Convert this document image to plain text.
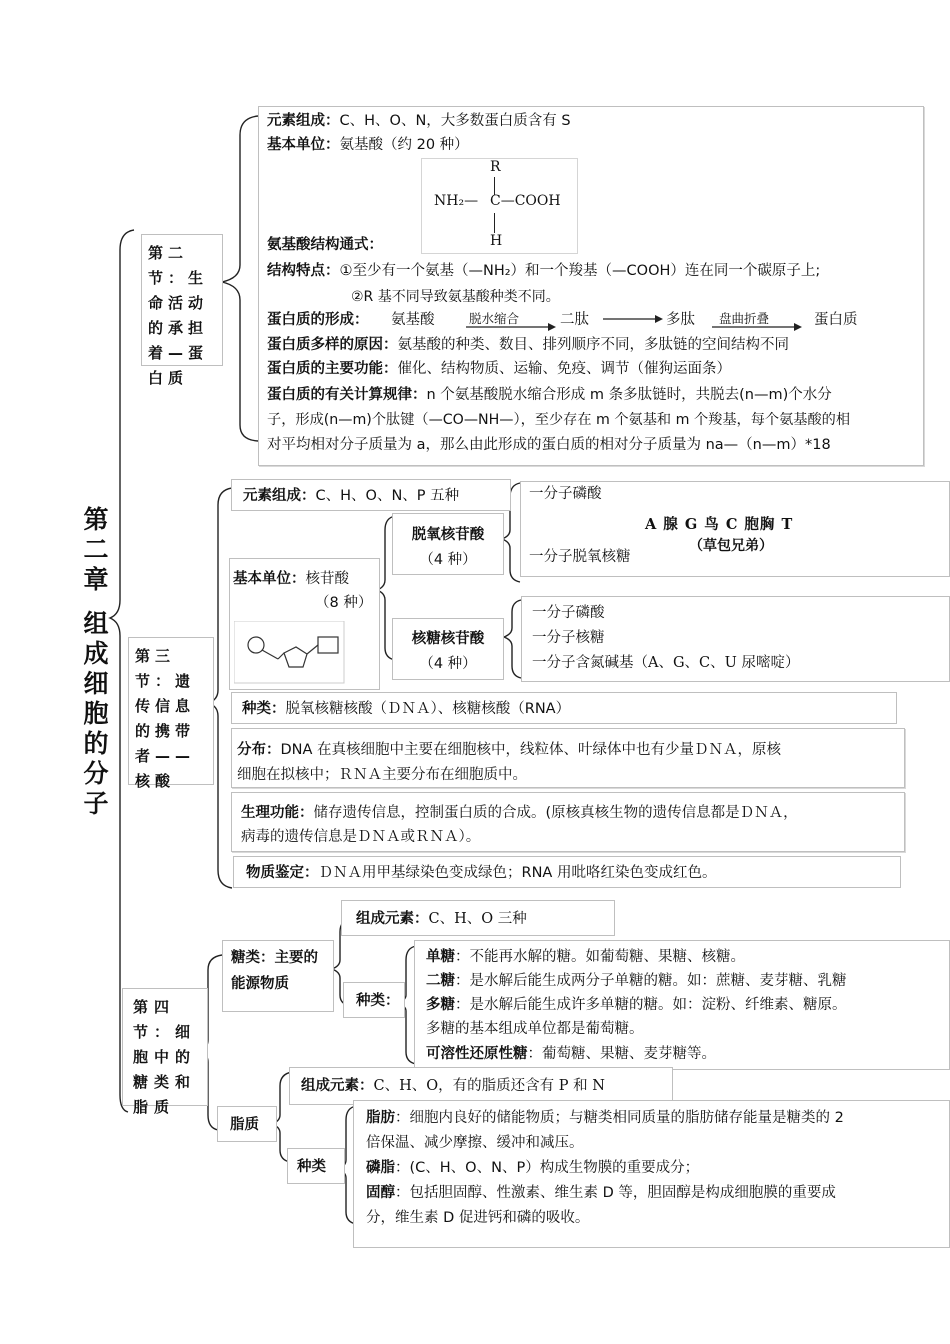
第
二
章
组
成
细
胞
的
分
子
第二节：生命活动的承担着—蛋白质
元素组成：C、H、O、N，大多数蛋白质含有 S
基本单位：氨基酸（约 20 种）
R
NH₂— C—COOH
H
氨基酸结构通式：
结构特点：①至少有一个氨基（—NH₂）和一个羧基（—COOH）连在同一个碳原子上;
②R 基不同导致氨基酸种类不同。
蛋白质的形成： 氨基酸	脱水缩合	二肽	多肽 盘曲折叠	蛋白质
蛋白质多样的原因：氨基酸的种类、数目、排列顺序不同，多肽链的空间结构不同
蛋白质的主要功能：催化、结构物质、运输、免疫、调节（催狗运面条）
蛋白质的有关计算规律：n 个氨基酸脱水缩合形成 m 条多肽链时，共脱去(n—m)个水分
子，形成(n—m)个肽键（—CO—NH—），至少存在 m 个氨基和 m 个羧基，每个氨基酸的相
对平均相对分子质量为 a，那么由此形成的蛋白质的相对分子质量为 na—（n—m）*18
第三节：遗传信息的携带者——核酸
元素组成：C、H、O、N、P 五种
基本单位：核苷酸
（8 种）
脱氧核苷酸
（4 种）
一分子磷酸
一分子脱氧核糖
A 腺 G 鸟 C 胞胸 T
（草包兄弟）
核糖核苷酸
（4 种）
一分子磷酸
一分子核糖
一分子含氮碱基（A、G、C、U 尿嘧啶）
种类：脱氧核糖核酸（ＤＮＡ）、核糖核酸（RNA）
分布：DNA 在真核细胞中主要在细胞核中，线粒体、叶绿体中也有少量ＤＮＡ，原核
细胞在拟核中；ＲＮＡ主要分布在细胞质中。
生理功能：储存遗传信息，控制蛋白质的合成。(原核真核生物的遗传信息都是ＤＮＡ，
病毒的遗传信息是ＤＮＡ或ＲＮＡ）。
物质鉴定：ＤＮＡ用甲基绿染色变成绿色；RNA 用吡咯红染色变成红色。
第四节：细胞中的糖类和脂质
糖类：主要的能源物质
组成元素：C、H、O 三种
种类：
单糖：不能再水解的糖。如葡萄糖、果糖、核糖。
二糖：是水解后能生成两分子单糖的糖。如：蔗糖、麦芽糖、乳糖
多糖：是水解后能生成许多单糖的糖。如：淀粉、纤维素、糖原。
多糖的基本组成单位都是葡萄糖。
可溶性还原性糖：葡萄糖、果糖、麦芽糖等。
脂质
组成元素：C、H、O，有的脂质还含有 P 和 N
种类
脂肪：细胞内良好的储能物质；与糖类相同质量的脂肪储存能量是糖类的 2
倍保温、减少摩擦、缓冲和减压。
磷脂：(C、H、O、N、P）构成生物膜的重要成分；
固醇：包括胆固醇、性激素、维生素 D 等，胆固醇是构成细胞膜的重要成
分，维生素 D 促进钙和磷的吸收。
